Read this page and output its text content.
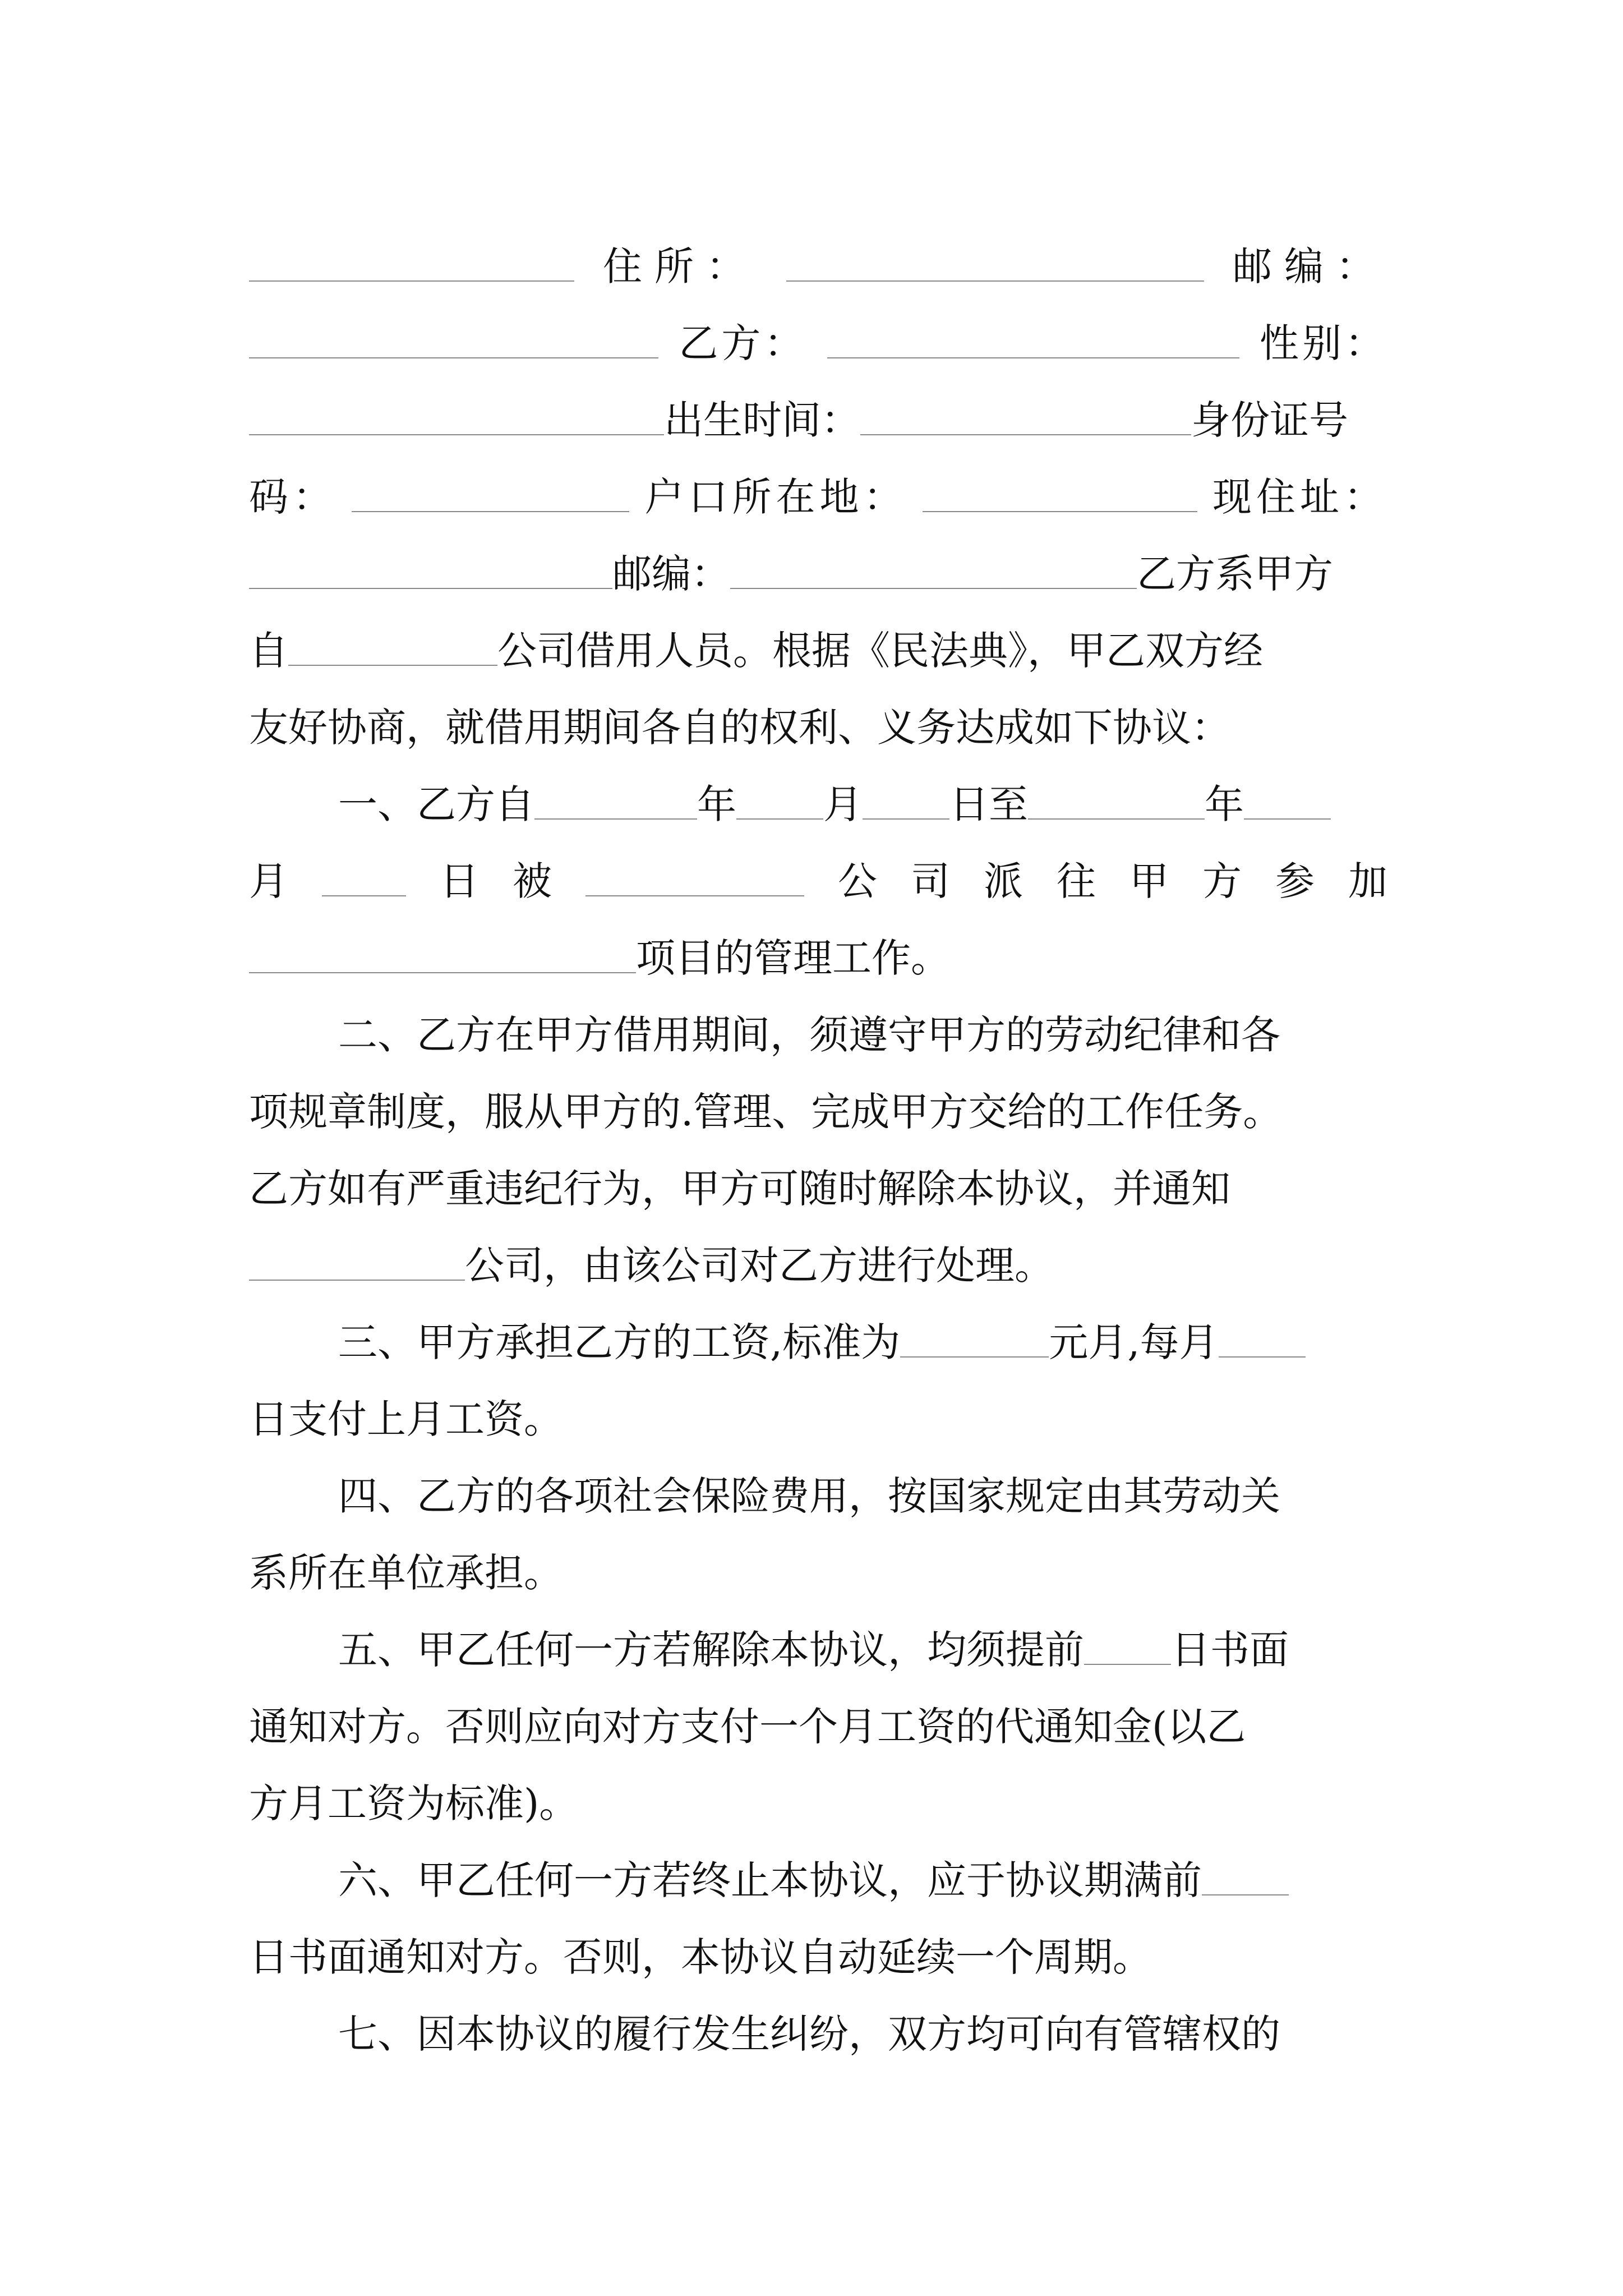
住所：	邮编：
乙方：	性别：
出生时间：	身份证号
码：	户口所在地：	现住址：
邮编：	乙方系甲方
自	公司借用人员。根据《民法典》，甲乙双方经
友好协商，就借用期间各自的权利、义务达成如下协议：
一、乙方自	年 月 日至	年
月	日 被	公 司 派 往 甲 方 参 加
项目的管理工作。
二、乙方在甲方借用期间，须遵守甲方的劳动纪律和各
项规章制度，服从甲方的.管理、完成甲方交给的工作任务。
乙方如有严重违纪行为，甲方可随时解除本协议，并通知
公司，由该公司对乙方进行处理。
三、甲方承担乙方的工资,标准为	元月,每月
日支付上月工资。
四、乙方的各项社会保险费用，按国家规定由其劳动关
系所在单位承担。
五、甲乙任何一方若解除本协议，均须提前 日书面
通知对方。否则应向对方支付一个月工资的代通知金(以乙
方月工资为标准)。
六、甲乙任何一方若终止本协议，应于协议期满前
日书面通知对方。否则，本协议自动延续一个周期。
七、因本协议的履行发生纠纷，双方均可向有管辖权的
